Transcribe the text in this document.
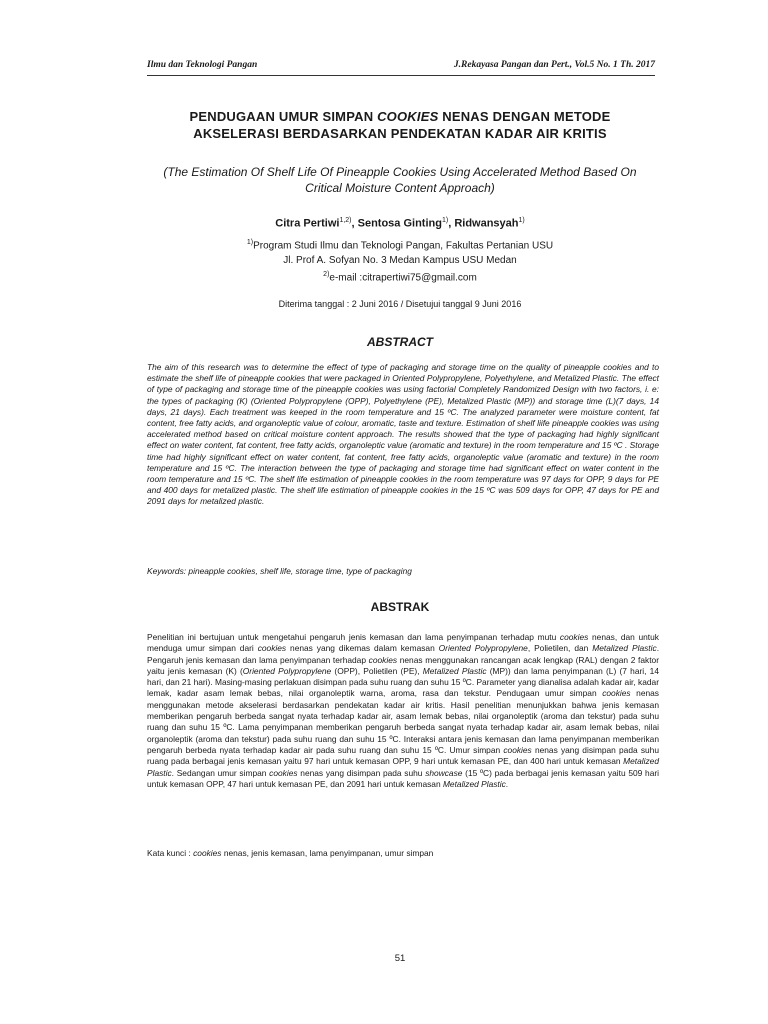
Ilmu dan Teknologi Pangan	J.Rekayasa Pangan dan Pert., Vol.5 No. 1 Th. 2017
PENDUGAAN UMUR SIMPAN COOKIES NENAS DENGAN METODE
AKSELERASI BERDASARKAN PENDEKATAN KADAR AIR KRITIS
(The Estimation Of Shelf Life Of Pineapple Cookies Using Accelerated Method Based On
Critical Moisture Content Approach)
Citra Pertiwi$^{1,2)}$, Sentosa Ginting$^{1)}$, Ridwansyah$^{1)}$
$^{1)}$Program Studi Ilmu dan Teknologi Pangan, Fakultas Pertanian USU
Jl. Prof A. Sofyan No. 3 Medan Kampus USU Medan
$^{2)}$e-mail :citrapertiwi75@gmail.com
Diterima tanggal : 2 Juni 2016 / Disetujui tanggal 9 Juni 2016
ABSTRACT
The aim of this research was to determine the effect of type of packaging and storage time on the quality of pineapple cookies and to estimate the shelf life of pineapple cookies that were packaged in Oriented Polypropylene, Polyethylene, and Metalized Plastic. The effect of type of packaging and storage time of the pineapple cookies was using factorial Completely Randomized Design with two factors, i. e: the types of packaging (K) (Oriented Polypropylene (OPP), Polyethylene (PE), Metalized Plastic (MP)) and storage time (L)(7 days, 14 days, 21 days). Each treatment was keeped in the room temperature and 15 ºC. The analyzed parameter were moisture content, fat content, free fatty acids, and organoleptic value of colour, aromatic, taste and texture. Estimation of shelf liife pineapple cookies was using accelerated method based on critical moisture content approach. The results showed that the type of packaging had highly significant effect on water content, fat content, free fatty acids, organoleptic value (aromatic and texture) in the room temperature and 15 ºC . Storage time had highly significant effect on water content, fat content, free fatty acids, organoleptic value (aromatic and texture) in the room temperature and 15 ºC. The interaction between the type of packaging and storage time had significant effect on water content in the room temperature and 15 ºC. The shelf life estimation of pineapple cookies in the room temperature was 97 days for OPP, 9 days for PE and 400 days for metalized plastic. The shelf life estimation of pineapple cookies in the 15 ºC was 509 days for OPP, 47 days for PE and 2091 days for metalized plastic.
Keywords: pineapple cookies, shelf life, storage time, type of packaging
ABSTRAK
Penelitian ini bertujuan untuk mengetahui pengaruh jenis kemasan dan lama penyimpanan terhadap mutu cookies nenas, dan untuk menduga umur simpan dari cookies nenas yang dikemas dalam kemasan Oriented Polypropylene, Polietilen, dan Metalized Plastic. Pengaruh jenis kemasan dan lama penyimpanan terhadap cookies nenas menggunakan rancangan acak lengkap (RAL) dengan 2 faktor yaitu jenis kemasan (K) (Oriented Polypropylene (OPP), Polietilen (PE), Metalized Plastic (MP)) dan lama penyimpanan (L) (7 hari, 14 hari, dan 21 hari). Masing-masing perlakuan disimpan pada suhu ruang dan suhu 15 ºC. Parameter yang dianalisa adalah kadar air, kadar lemak, kadar asam lemak bebas, nilai organoleptik warna, aroma, rasa dan tekstur. Pendugaan umur simpan cookies nenas menggunakan metode akselerasi berdasarkan pendekatan kadar air kritis. Hasil penelitian menunjukkan bahwa jenis kemasan memberikan pengaruh berbeda sangat nyata terhadap kadar air, asam lemak bebas, nilai organoleptik (aroma dan tekstur) pada suhu ruang dan suhu 15 ºC. Lama penyimpanan memberikan pengaruh berbeda sangat nyata terhadap kadar air, asam lemak bebas, nilai organoleptik (aroma dan tekstur) pada suhu ruang dan suhu 15 ºC. Interaksi antara jenis kemasan dan lama penyimpanan memberikan pengaruh berbeda nyata terhadap kadar air pada suhu ruang dan suhu 15 ºC. Umur simpan cookies nenas yang disimpan pada suhu ruang pada berbagai jenis kemasan yaitu 97 hari untuk kemasan OPP, 9 hari untuk kemasan PE, dan 400 hari untuk kemasan Metalized Plastic. Sedangan umur simpan cookies nenas yang disimpan pada suhu showcase (15 ºC) pada berbagai jenis kemasan yaitu 509 hari untuk kemasan OPP, 47 hari untuk kemasan PE, dan 2091 hari untuk kemasan Metalized Plastic.
Kata kunci : cookies nenas, jenis kemasan, lama penyimpanan, umur simpan
51
